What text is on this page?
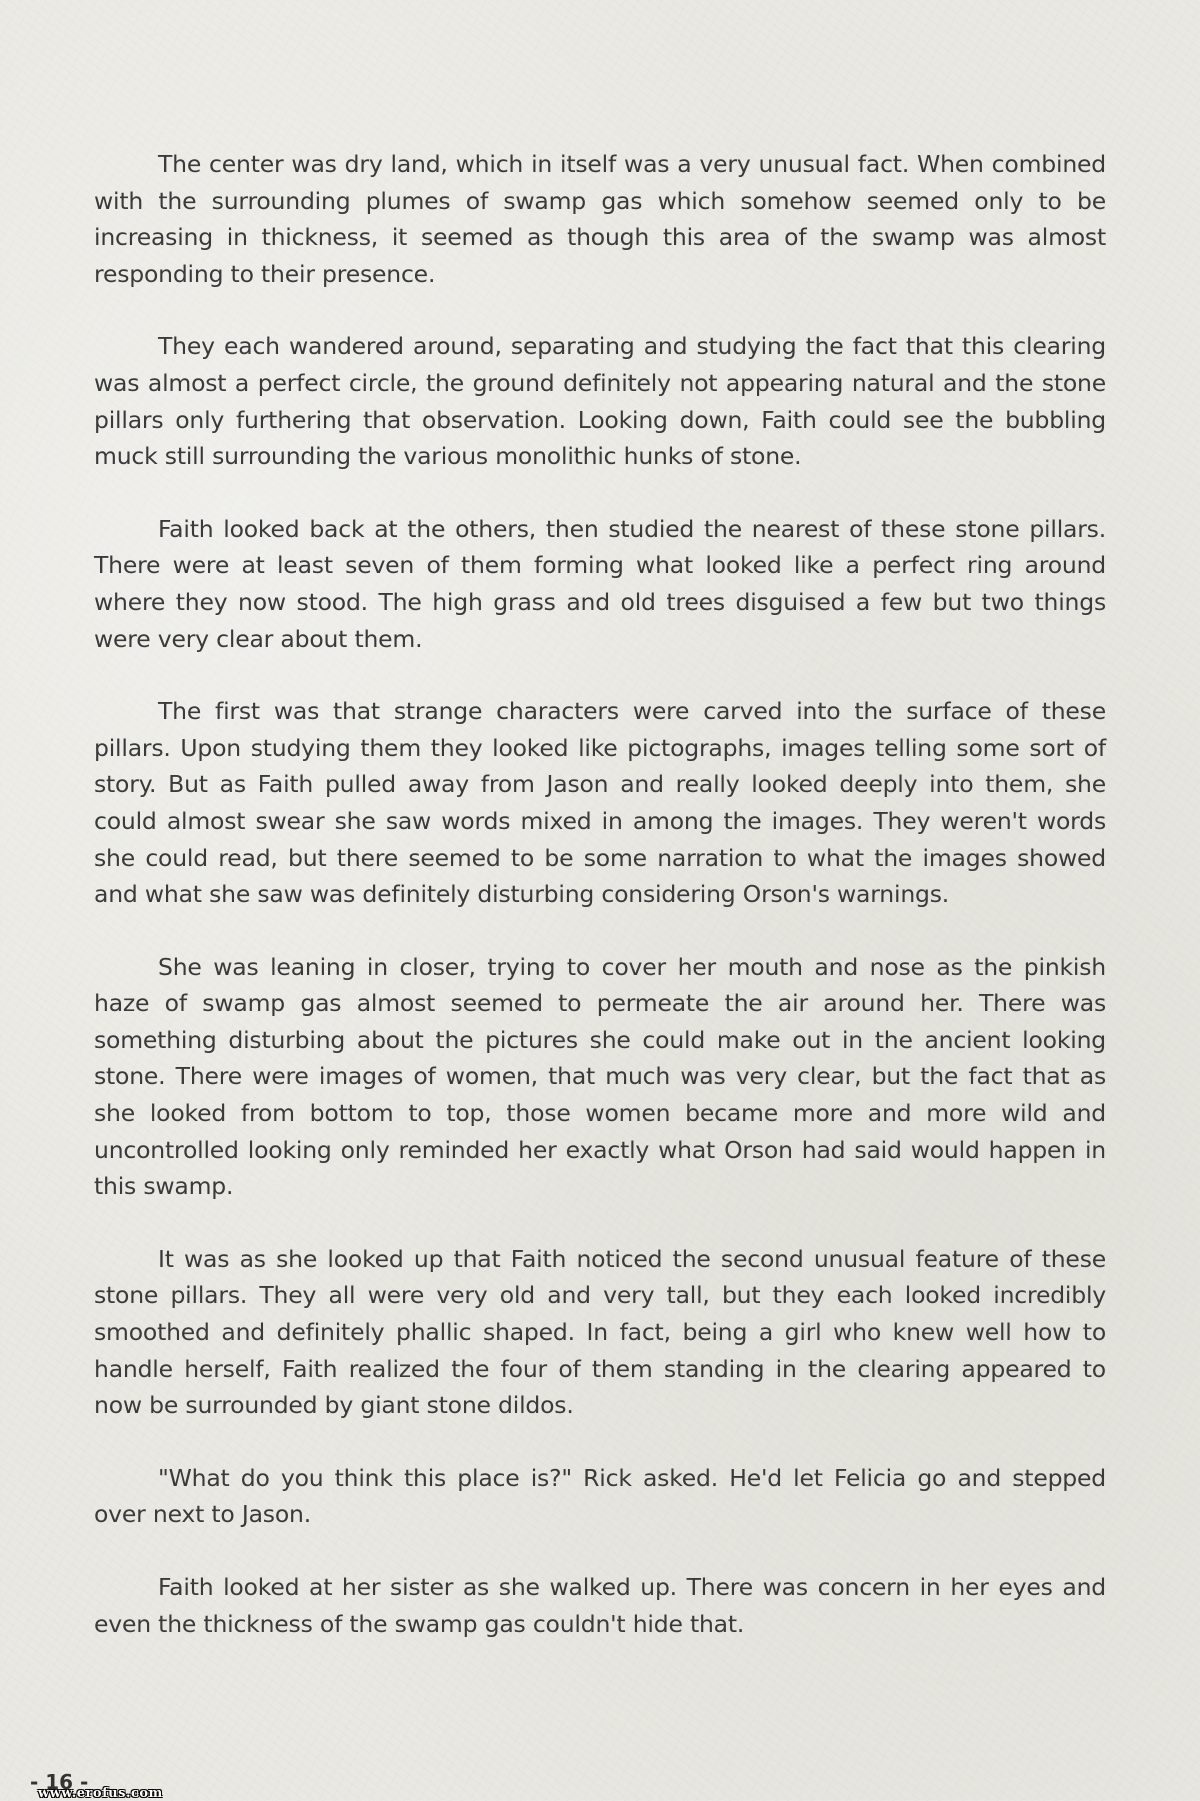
The center was dry land, which in itself was a very unusual fact. When combined with the surrounding plumes of swamp gas which somehow seemed only to be increasing in thickness, it seemed as though this area of the swamp was almost responding to their presence.

They each wandered around, separating and studying the fact that this clearing was almost a perfect circle, the ground definitely not appearing natural and the stone pillars only furthering that observation. Looking down, Faith could see the bubbling muck still surrounding the various monolithic hunks of stone.

Faith looked back at the others, then studied the nearest of these stone pillars. There were at least seven of them forming what looked like a perfect ring around where they now stood. The high grass and old trees disguised a few but two things were very clear about them.

The first was that strange characters were carved into the surface of these pillars. Upon studying them they looked like pictographs, images telling some sort of story. But as Faith pulled away from Jason and really looked deeply into them, she could almost swear she saw words mixed in among the images. They weren't words she could read, but there seemed to be some narration to what the images showed and what she saw was definitely disturbing considering Orson's warnings.

She was leaning in closer, trying to cover her mouth and nose as the pinkish haze of swamp gas almost seemed to permeate the air around her. There was something disturbing about the pictures she could make out in the ancient looking stone. There were images of women, that much was very clear, but the fact that as she looked from bottom to top, those women became more and more wild and uncontrolled looking only reminded her exactly what Orson had said would happen in this swamp.

It was as she looked up that Faith noticed the second unusual feature of these stone pillars. They all were very old and very tall, but they each looked incredibly smoothed and definitely phallic shaped. In fact, being a girl who knew well how to handle herself, Faith realized the four of them standing in the clearing appeared to now be surrounded by giant stone dildos.

"What do you think this place is?" Rick asked. He'd let Felicia go and stepped over next to Jason.

Faith looked at her sister as she walked up. There was concern in her eyes and even the thickness of the swamp gas couldn't hide that.

- 16 -
www.erofus.com
